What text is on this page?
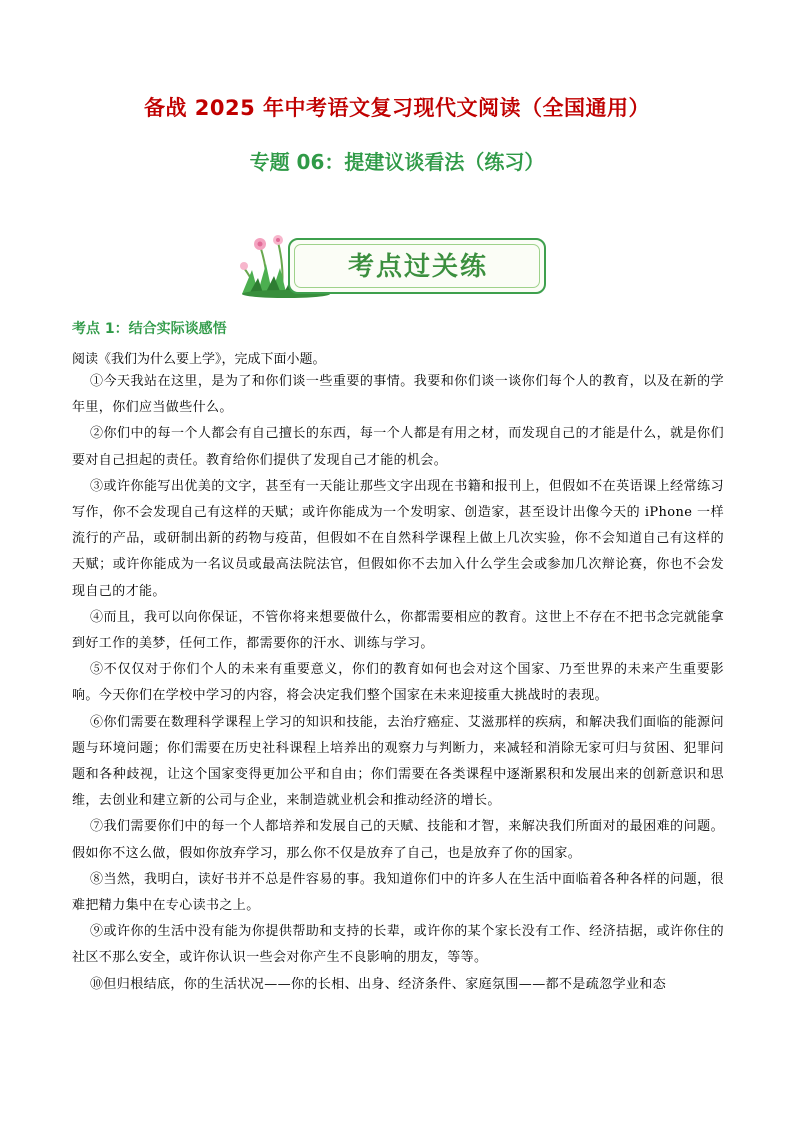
备战 2025 年中考语文复习现代文阅读（全国通用）
专题 06：提建议谈看法（练习）
考点过关练
考点 1：结合实际谈感悟
阅读《我们为什么要上学》，完成下面小题。

①今天我站在这里，是为了和你们谈一些重要的事情。我要和你们谈一谈你们每个人的教育，以及在新的学年里，你们应当做些什么。

②你们中的每一个人都会有自己擅长的东西，每一个人都是有用之材，而发现自己的才能是什么，就是你们要对自己担起的责任。教育给你们提供了发现自己才能的机会。

③或许你能写出优美的文字，甚至有一天能让那些文字出现在书籍和报刊上，但假如不在英语课上经常练习写作，你不会发现自己有这样的天赋；或许你能成为一个发明家、创造家，甚至设计出像今天的 iPhone 一样流行的产品，或研制出新的药物与疫苗，但假如不在自然科学课程上做上几次实验，你不会知道自己有这样的天赋；或许你能成为一名议员或最高法院法官，但假如你不去加入什么学生会或参加几次辩论赛，你也不会发现自己的才能。

④而且，我可以向你保证，不管你将来想要做什么，你都需要相应的教育。这世上不存在不把书念完就能拿到好工作的美梦，任何工作，都需要你的汗水、训练与学习。

⑤不仅仅对于你们个人的未来有重要意义，你们的教育如何也会对这个国家、乃至世界的未来产生重要影响。今天你们在学校中学习的内容，将会决定我们整个国家在未来迎接重大挑战时的表现。

⑥你们需要在数理科学课程上学习的知识和技能，去治疗癌症、艾滋那样的疾病，和解决我们面临的能源问题与环境问题；你们需要在历史社科课程上培养出的观察力与判断力，来减轻和消除无家可归与贫困、犯罪问题和各种歧视，让这个国家变得更加公平和自由；你们需要在各类课程中逐渐累积和发展出来的创新意识和思维，去创业和建立新的公司与企业，来制造就业机会和推动经济的增长。

⑦我们需要你们中的每一个人都培养和发展自己的天赋、技能和才智，来解决我们所面对的最困难的问题。假如你不这么做，假如你放弃学习，那么你不仅是放弃了自己，也是放弃了你的国家。

⑧当然，我明白，读好书并不总是件容易的事。我知道你们中的许多人在生活中面临着各种各样的问题，很难把精力集中在专心读书之上。

⑨或许你的生活中没有能为你提供帮助和支持的长辈，或许你的某个家长没有工作、经济拮据，或许你住的社区不那么安全，或许你认识一些会对你产生不良影响的朋友，等等。

⑩但归根结底，你的生活状况——你的长相、出身、经济条件、家庭氛围——都不是疏忽学业和态
